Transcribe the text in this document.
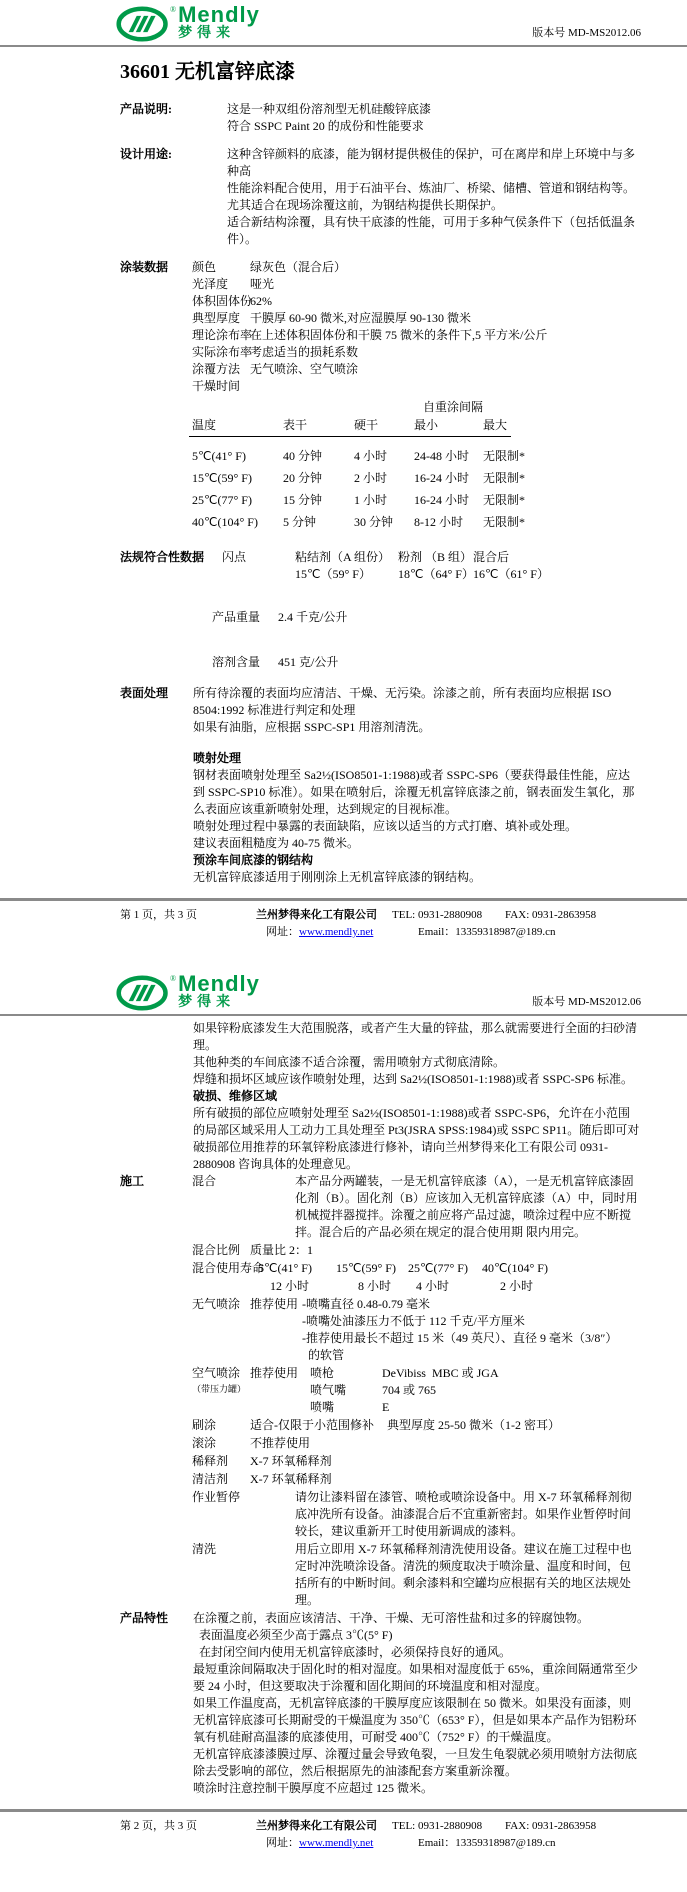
® Mendly
梦得来	版本号 MD-MS2012.06
36601 无机富锌底漆
产品说明:	这是一种双组份溶剂型无机硅酸锌底漆

符合 SSPC Paint 20 的成份和性能要求

设计用途:	这种含锌颜料的底漆，能为钢材提供极佳的保护，可在离岸和岸上环境中与多种高

性能涂料配合使用，用于石油平台、炼油厂、桥梁、储槽、管道和钢结构等。

尤其适合在现场涂覆这前，为钢结构提供长期保护。

适合新结构涂覆，具有快干底漆的性能，可用于多种气侯条件下（包括低温条件）。

涂装数据	颜色	绿灰色（混合后）
光泽度	哑光
体积固体份
62%
典型厚度 干膜厚 60-90 微米,对应湿膜厚 90-130 微米
理论涂布率
在上述体积固体份和干膜 75 微米的条件下,5 平方米/公斤
实际涂布率
考虑适当的损耗系数
涂覆方法 无气喷涂、空气喷涂
干燥时间
自重涂间隔
温度	表干	硬干	最小	最大
5℃(41° F)	40 分钟	4 小时	24-48 小时	无限制*
15℃(59° F)	20 分钟	2 小时	16-24 小时	无限制*
25℃(77° F)	15 分钟	1 小时	16-24 小时	无限制*
40℃(104° F)	5 分钟	30 分钟	8-12 小时	无限制*
法规符合性数据	闪点	粘结剂（A 组份） 粉剂 （B 组） 混合后
15℃（59° F）	18℃（64° F） 16℃（61° F）
产品重量	2.4 千克/公升
溶剂含量	451 克/公升
表面处理	所有待涂覆的表面均应清洁、干燥、无污染。涂漆之前，所有表面均应根据 ISO 8504:1992 标准进行判定和处理

如果有油脂，应根据 SSPC-SP1 用溶剂清洗。

喷射处理

钢材表面喷射处理至 Sa2½(ISO8501-1:1988)或者 SSPC-SP6（要获得最佳性能，应达到 SSPC-SP10 标准）。如果在喷射后，涂覆无机富锌底漆之前，钢表面发生氧化，那么表面应该重新喷射处理，达到规定的目视标准。

喷射处理过程中暴露的表面缺陷，应该以适当的方式打磨、填补或处理。

建议表面粗糙度为 40-75 微米。

预涂车间底漆的钢结构

无机富锌底漆适用于刚刚涂上无机富锌底漆的钢结构。

第 1 页，共 3 页	兰州梦得来化工有限公司	TEL: 0931-2880908	FAX: 0931-2863958
网址：www.mendly.net	Email：13359318987@189.cn
® Mendly
梦得来	版本号 MD-MS2012.06

如果锌粉底漆发生大范围脱落，或者产生大量的锌盐，那么就需要进行全面的扫砂清理。

其他种类的车间底漆不适合涂覆，需用喷射方式彻底清除。

焊缝和损坏区域应该作喷射处理，达到 Sa2½(ISO8501-1:1988)或者 SSPC-SP6 标准。

破损、维修区域

所有破损的部位应喷射处理至 Sa2½(ISO8501-1:1988)或者 SSPC-SP6，允许在小范围的局部区域采用人工动力工具处理至 Pt3(JSRA SPSS:1984)或 SSPC SP11。随后即可对破损部位用推荐的环氧锌粉底漆进行修补，请向兰州梦得来化工有限公司 0931-2880908 咨询具体的处理意见。

施工	混合	本产品分两罐装，一是无机富锌底漆（A），一是无机富锌底漆固化剂（B）。固化剂（B）应该加入无机富锌底漆（A）中，同时用机械搅拌器搅拌。涂覆之前应将产品过滤，喷涂过程中应不断搅拌。混合后的产品必须在规定的混合使用期 限内用完。

混合比例 质量比 2：1
混合使用寿命
5℃(41° F)	15℃(59° F)	25℃(77° F)	40℃(104° F)
12 小时	8 小时	4 小时	2 小时
无气喷涂 推荐使用 -喷嘴直径 0.48-0.79 毫米

-喷嘴处油漆压力不低于 112 千克/平方厘米

-推荐使用最长不超过 15 米（49 英尺）、直径 9 毫米（3/8″）

的软管

空气喷涂
（带压力罐）
推荐使用 喷枪	DeVibiss  MBC 或 JGA
喷气嘴	704 或 765
喷嘴	E
刷涂	适合-仅限于小范围修补	典型厚度 25-50 微米（1-2 密耳）
滚涂	不推荐使用
稀释剂	X-7 环氧稀释剂
清洁剂	X-7 环氧稀释剂
作业暂停	请勿让漆料留在漆管、喷枪或喷涂设备中。用 X-7 环氧稀释剂彻底冲洗所有设备。油漆混合后不宜重新密封。如果作业暂停时间较长，建议重新开工时使用新调成的漆料。

清洗	用后立即用 X-7 环氧稀释剂清洗使用设备。建议在施工过程中也定时冲洗喷涂设备。清洗的频度取决于喷涂量、温度和时间，包括所有的中断时间。剩余漆料和空罐均应根据有关的地区法规处理。

产品特性	在涂覆之前，表面应该清洁、干净、干燥、无可溶性盐和过多的锌腐蚀物。

表面温度必须至少高于露点 3℃(5° F)

在封闭空间内使用无机富锌底漆时，必须保持良好的通风。

最短重涂间隔取决于固化时的相对湿度。如果相对湿度低于 65%，重涂间隔通常至少要 24 小时，但这要取决于涂覆和固化期间的环境温度和相对湿度。

如果工作温度高，无机富锌底漆的干膜厚度应该限制在 50 微米。如果没有面漆，则无机富锌底漆可长期耐受的干燥温度为 350℃（653° F），但是如果本产品作为铝粉环氧有机硅耐高温漆的底漆使用，可耐受 400℃（752° F）的干燥温度。

无机富锌底漆漆膜过厚、涂覆过量会导致龟裂，一旦发生龟裂就必须用喷射方法彻底除去受影响的部位，然后根据原先的油漆配套方案重新涂覆。

喷涂时注意控制干膜厚度不应超过 125 微米。

第 2 页，共 3 页	兰州梦得来化工有限公司	TEL: 0931-2880908	FAX: 0931-2863958
网址：www.mendly.net	Email：13359318987@189.cn
